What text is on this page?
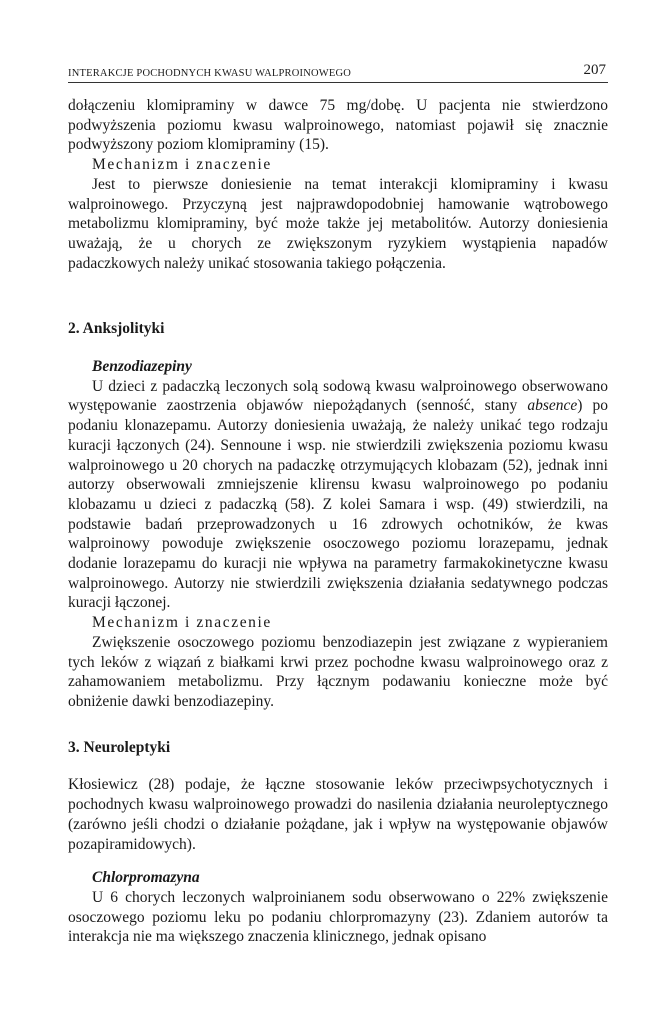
INTERAKCJE POCHODNYCH KWASU WALPROINOWEGO	207

dołączeniu klomipraminy w dawce 75 mg/dobę. U pacjenta nie stwierdzono podwyższenia poziomu kwasu walproinowego, natomiast pojawił się znacznie podwyższony poziom klomipraminy (15).

Mechanizm i znaczenie

Jest to pierwsze doniesienie na temat interakcji klomipraminy i kwasu walproinowego. Przyczyną jest najprawdopodobniej hamowanie wątrobowego metabolizmu klomipraminy, być może także jej metabolitów. Autorzy doniesienia uważają, że u chorych ze zwiększonym ryzykiem wystąpienia napadów padaczkowych należy unikać stosowania takiego połączenia.

2. Anksjolityki
Benzodiazepiny

U dzieci z padaczką leczonych solą sodową kwasu walproinowego obserwowano występowanie zaostrzenia objawów niepożądanych (senność, stany absence) po podaniu klonazepamu. Autorzy doniesienia uważają, że należy unikać tego rodzaju kuracji łączonych (24). Sennoune i wsp. nie stwierdzili zwiększenia poziomu kwasu walproinowego u 20 chorych na padaczkę otrzymujących klobazam (52), jednak inni autorzy obserwowali zmniejszenie klirensu kwasu walproinowego po podaniu klobazamu u dzieci z padaczką (58). Z kolei Samara i wsp. (49) stwierdzili, na podstawie badań przeprowadzonych u 16 zdrowych ochotników, że kwas walproinowy powoduje zwiększenie osoczowego poziomu lorazepamu, jednak dodanie lorazepamu do kuracji nie wpływa na parametry farmakokinetyczne kwasu walproinowego. Autorzy nie stwierdzili zwiększenia działania sedatywnego podczas kuracji łączonej.

Mechanizm i znaczenie

Zwiększenie osoczowego poziomu benzodiazepin jest związane z wypieraniem tych leków z wiązań z białkami krwi przez pochodne kwasu walproinowego oraz z zahamowaniem metabolizmu. Przy łącznym podawaniu konieczne może być obniżenie dawki benzodiazepiny.

3. Neuroleptyki

Kłosiewicz (28) podaje, że łączne stosowanie leków przeciwpsychotycznych i pochodnych kwasu walproinowego prowadzi do nasilenia działania neuroleptycznego (zarówno jeśli chodzi o działanie pożądane, jak i wpływ na występowanie objawów pozapiramidowych).

Chlorpromazyna

U 6 chorych leczonych walproinianem sodu obserwowano o 22% zwiększenie osoczowego poziomu leku po podaniu chlorpromazyny (23). Zdaniem autorów ta interakcja nie ma większego znaczenia klinicznego, jednak opisano
